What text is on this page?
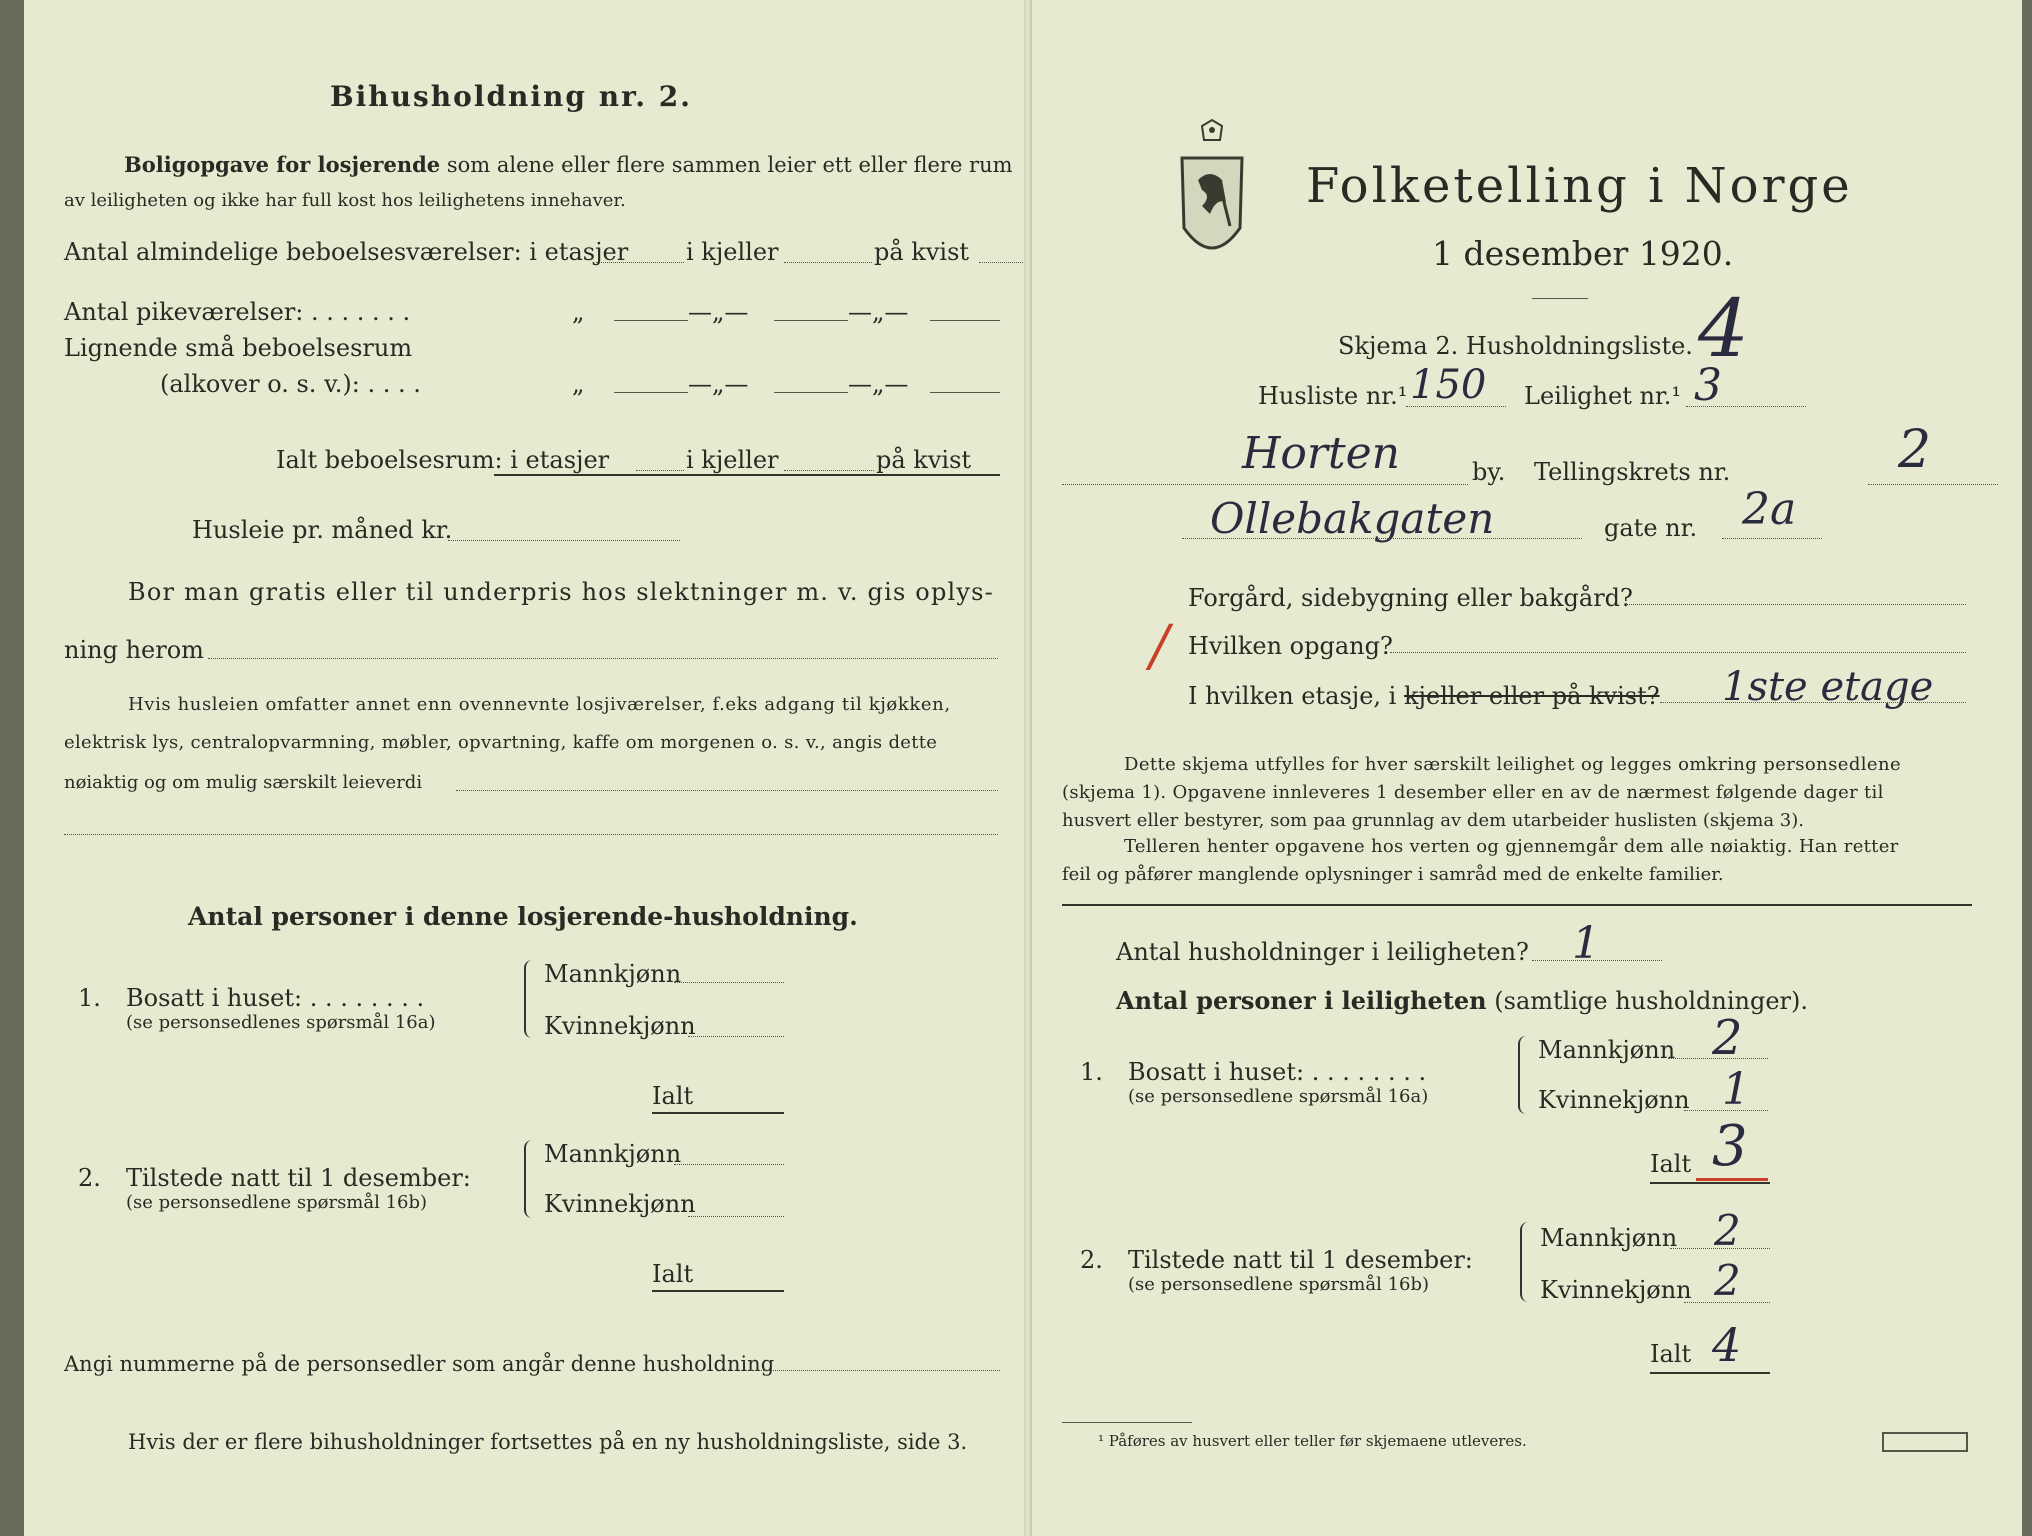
Bihusholdning nr. 2.
Boligopgave for losjerende som alene eller flere sammen leier ett eller flere rum
av leiligheten og ikke har full kost hos leilighetens innehaver.
Antal almindelige beboelsesværelser: i etasjer i kjeller	på kvist
Antal pikeværelser: . . . . . . .	„	—„—	—„—
Lignende små beboelsesrum
(alkover o. s. v.): . . . .	„	—„—	—„—
Ialt beboelsesrum: i etasjer	i kjeller	på kvist
Husleie pr. måned kr.
Bor man gratis eller til underpris hos slektninger m. v. gis oplys-
ning herom
Hvis husleien omfatter annet enn ovennevnte losjiværelser, f.eks adgang til kjøkken,
elektrisk lys, centralopvarmning, møbler, opvartning, kaffe om morgenen o. s. v., angis dette
nøiaktig og om mulig særskilt leieverdi
Antal personer i denne losjerende-husholdning.
1. Bosatt i huset: . . . . . . . .
(se personsedlenes spørsmål 16a)
Mannkjønn
Kvinnekjønn
Ialt
2. Tilstede natt til 1 desember:
(se personsedlene spørsmål 16b)
Mannkjønn
Kvinnekjønn
Ialt
Angi nummerne på de personsedler som angår denne husholdning
Hvis der er flere bihusholdninger fortsettes på en ny husholdningsliste, side 3.
Folketelling i Norge
1 desember 1920.
Skjema 2. Husholdningsliste. 4
Husliste nr.¹ 150 Leilighet nr.¹ 3
Horten	by. Tellingskrets nr.	2
Ollebakgaten	gate nr. 2a
Forgård, sidebygning eller bakgård?
/ Hvilken opgang?
I hvilken etasje, i kjeller eller på kvist? 1ste etage
Dette skjema utfylles for hver særskilt leilighet og legges omkring personsedlene
(skjema 1). Opgavene innleveres 1 desember eller en av de nærmest følgende dager til
husvert eller bestyrer, som paa grunnlag av dem utarbeider huslisten (skjema 3).
Telleren henter opgavene hos verten og gjennemgår dem alle nøiaktig. Han retter
feil og påfører manglende oplysninger i samråd med de enkelte familier.
Antal husholdninger i leiligheten? 1
Antal personer i leiligheten (samtlige husholdninger).
1. Bosatt i huset: . . . . . . . .
(se personsedlene spørsmål 16a)
Mannkjønn 2
Kvinnekjønn 1
Ialt 3
2. Tilstede natt til 1 desember:
(se personsedlene spørsmål 16b)
Mannkjønn 2
Kvinnekjønn 2
Ialt 4
¹ Påføres av husvert eller teller før skjemaene utleveres.
